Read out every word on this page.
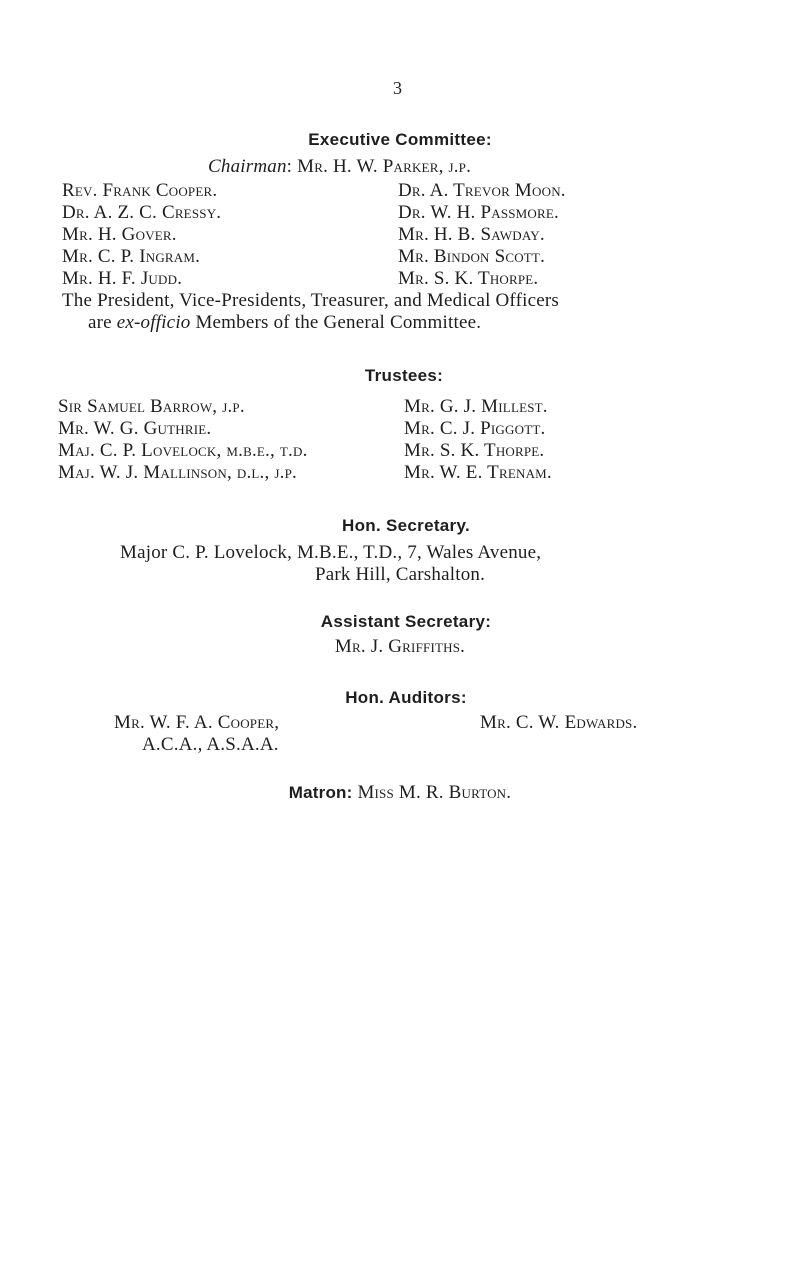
3
Executive Committee:
Chairman: Mr. H. W. Parker, j.p.
Rev. Frank Cooper.
Dr. A. Z. C. Cressy.
Mr. H. Gover.
Mr. C. P. Ingram.
Mr. H. F. Judd.
Dr. A. Trevor Moon.
Dr. W. H. Passmore.
Mr. H. B. Sawday.
Mr. Bindon Scott.
Mr. S. K. Thorpe.
The President, Vice-Presidents, Treasurer, and Medical Officers
are ex-officio Members of the General Committee.
Trustees:
Sir Samuel Barrow, j.p.
Mr. W. G. Guthrie.
Maj. C. P. Lovelock, m.b.e., t.d.
Maj. W. J. Mallinson, d.l., j.p.
Mr. G. J. Millest.
Mr. C. J. Piggott.
Mr. S. K. Thorpe.
Mr. W. E. Trenam.
Hon. Secretary.
Major C. P. Lovelock, M.B.E., T.D., 7, Wales Avenue,
Park Hill, Carshalton.
Assistant Secretary:
Mr. J. Griffiths.
Hon. Auditors:
Mr. W. F. A. Cooper,
A.C.A., A.S.A.A.
Mr. C. W. Edwards.
Matron: Miss M. R. Burton.
